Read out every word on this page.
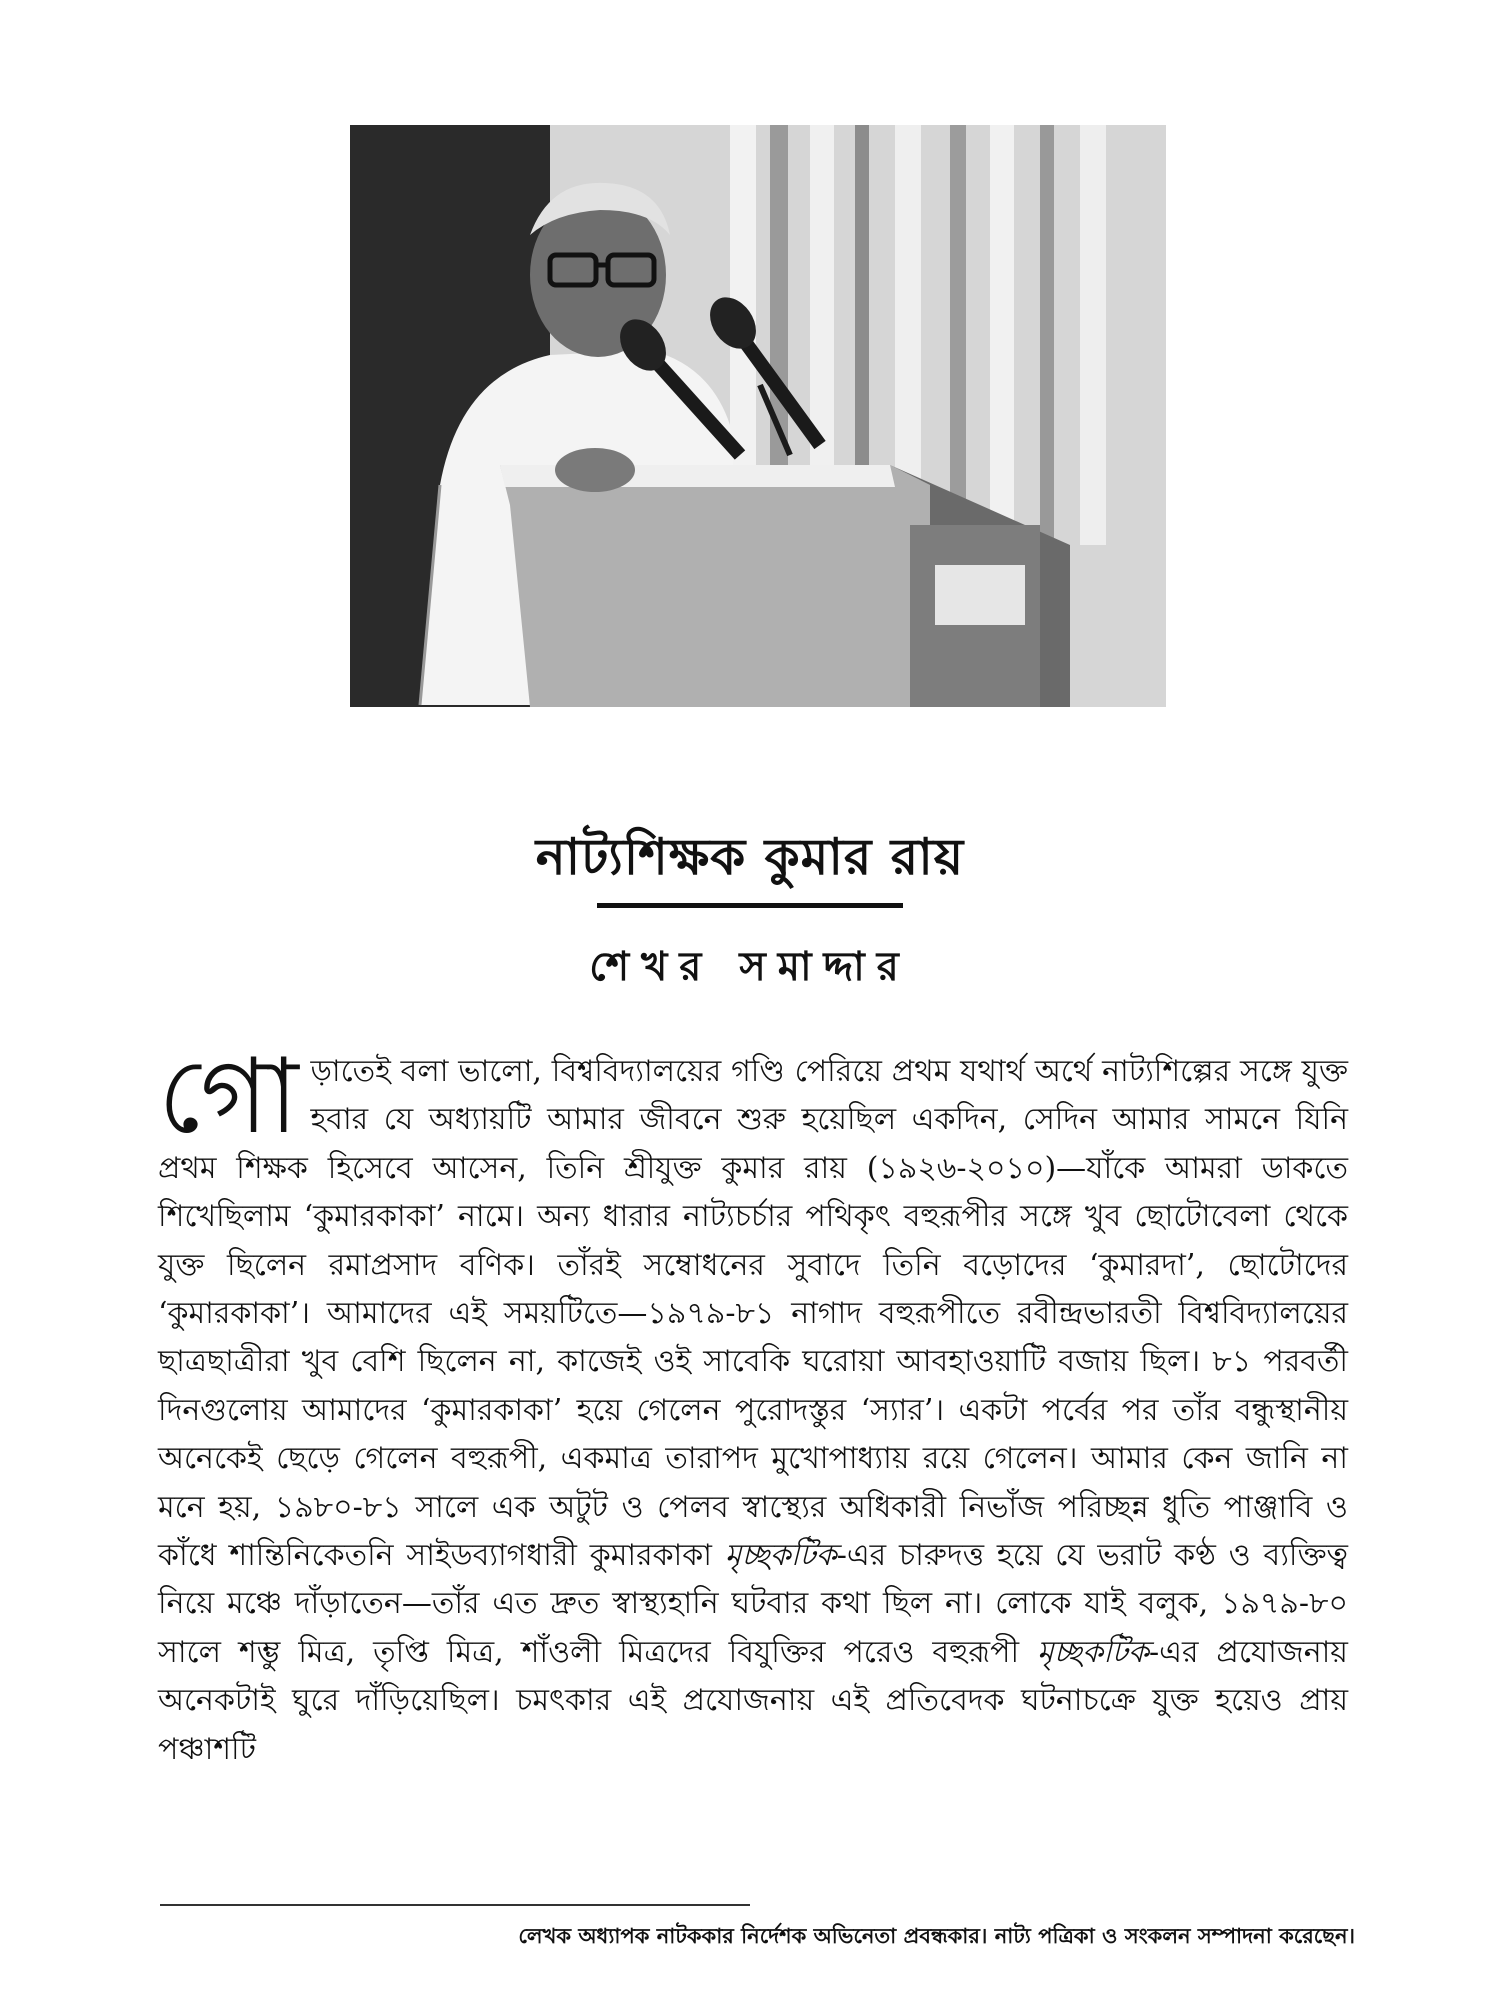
নাট্যশিক্ষক কুমার রায়
শেখর সমাদ্দার

গোড়াতেই বলা ভালো, বিশ্ববিদ্যালয়ের গণ্ডি পেরিয়ে প্রথম যথার্থ অর্থে নাট্যশিল্পের সঙ্গে যুক্ত হবার যে অধ্যায়টি আমার জীবনে শুরু হয়েছিল একদিন, সেদিন আমার সামনে যিনি প্রথম শিক্ষক হিসেবে আসেন, তিনি শ্রীযুক্ত কুমার রায় (১৯২৬-২০১০)—যাঁকে আমরা ডাকতে শিখেছিলাম ‘কুমারকাকা’ নামে। অন্য ধারার নাট্যচর্চার পথিকৃৎ বহুরূপীর সঙ্গে খুব ছোটোবেলা থেকে যুক্ত ছিলেন রমাপ্রসাদ বণিক। তাঁরই সম্বোধনের সুবাদে তিনি বড়োদের ‘কুমারদা’, ছোটোদের ‘কুমারকাকা’। আমাদের এই সময়টিতে—১৯৭৯-৮১ নাগাদ বহুরূপীতে রবীন্দ্রভারতী বিশ্ববিদ্যালয়ের ছাত্রছাত্রীরা খুব বেশি ছিলেন না, কাজেই ওই সাবেকি ঘরোয়া আবহাওয়াটি বজায় ছিল। ৮১ পরবর্তী দিনগুলোয় আমাদের ‘কুমারকাকা’ হয়ে গেলেন পুরোদস্তুর ‘স্যার’। একটা পর্বের পর তাঁর বন্ধুস্থানীয় অনেকেই ছেড়ে গেলেন বহুরূপী, একমাত্র তারাপদ মুখোপাধ্যায় রয়ে গেলেন। আমার কেন জানি না মনে হয়, ১৯৮০-৮১ সালে এক অটুট ও পেলব স্বাস্থ্যের অধিকারী নিভাঁজ পরিচ্ছন্ন ধুতি পাঞ্জাবি ও কাঁধে শান্তিনিকেতনি সাইডব্যাগধারী কুমারকাকা মৃচ্ছকটিক-এর চারুদত্ত হয়ে যে ভরাট কণ্ঠ ও ব্যক্তিত্ব নিয়ে মঞ্চে দাঁড়াতেন—তাঁর এত দ্রুত স্বাস্থ্যহানি ঘটবার কথা ছিল না। লোকে যাই বলুক, ১৯৭৯-৮০ সালে শম্ভু মিত্র, তৃপ্তি মিত্র, শাঁওলী মিত্রদের বিযুক্তির পরেও বহুরূপী মৃচ্ছকটিক-এর প্রযোজনায় অনেকটাই ঘুরে দাঁড়িয়েছিল। চমৎকার এই প্রযোজনায় এই প্রতিবেদক ঘটনাচক্রে যুক্ত হয়েও প্রায় পঞ্চাশটি

লেখক অধ্যাপক নাটককার নির্দেশক অভিনেতা প্রবন্ধকার। নাট্য পত্রিকা ও সংকলন সম্পাদনা করেছেন।
